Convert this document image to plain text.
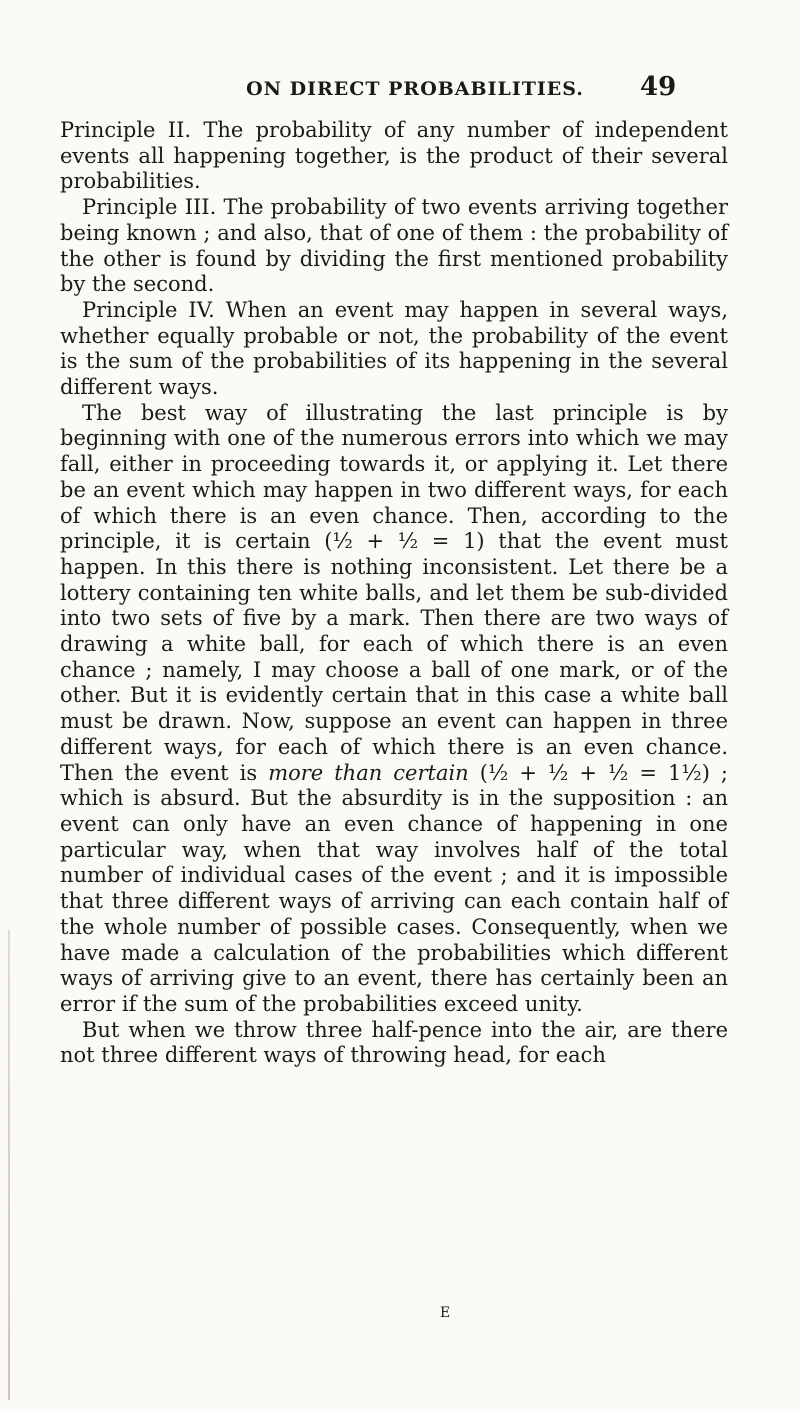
ON DIRECT PROBABILITIES.	49

Principle II. The probability of any number of independent events all happening together, is the product of their several probabilities.

Principle III. The probability of two events arriving together being known ; and also, that of one of them : the probability of the other is found by dividing the first mentioned probability by the second.

Principle IV. When an event may happen in several ways, whether equally probable or not, the probability of the event is the sum of the probabilities of its happening in the several different ways.

The best way of illustrating the last principle is by beginning with one of the numerous errors into which we may fall, either in proceeding towards it, or applying it. Let there be an event which may happen in two different ways, for each of which there is an even chance. Then, according to the principle, it is certain (½ + ½ = 1) that the event must happen. In this there is nothing inconsistent. Let there be a lottery containing ten white balls, and let them be sub-divided into two sets of five by a mark. Then there are two ways of drawing a white ball, for each of which there is an even chance ; namely, I may choose a ball of one mark, or of the other. But it is evidently certain that in this case a white ball must be drawn. Now, suppose an event can happen in three different ways, for each of which there is an even chance. Then the event is more than certain (½ + ½ + ½ = 1½) ; which is absurd. But the absurdity is in the supposition : an event can only have an even chance of happening in one particular way, when that way involves half of the total number of individual cases of the event ; and it is impossible that three different ways of arriving can each contain half of the whole number of possible cases. Consequently, when we have made a calculation of the probabilities which different ways of arriving give to an event, there has certainly been an error if the sum of the probabilities exceed unity.

But when we throw three half-pence into the air, are there not three different ways of throwing head, for each

E
